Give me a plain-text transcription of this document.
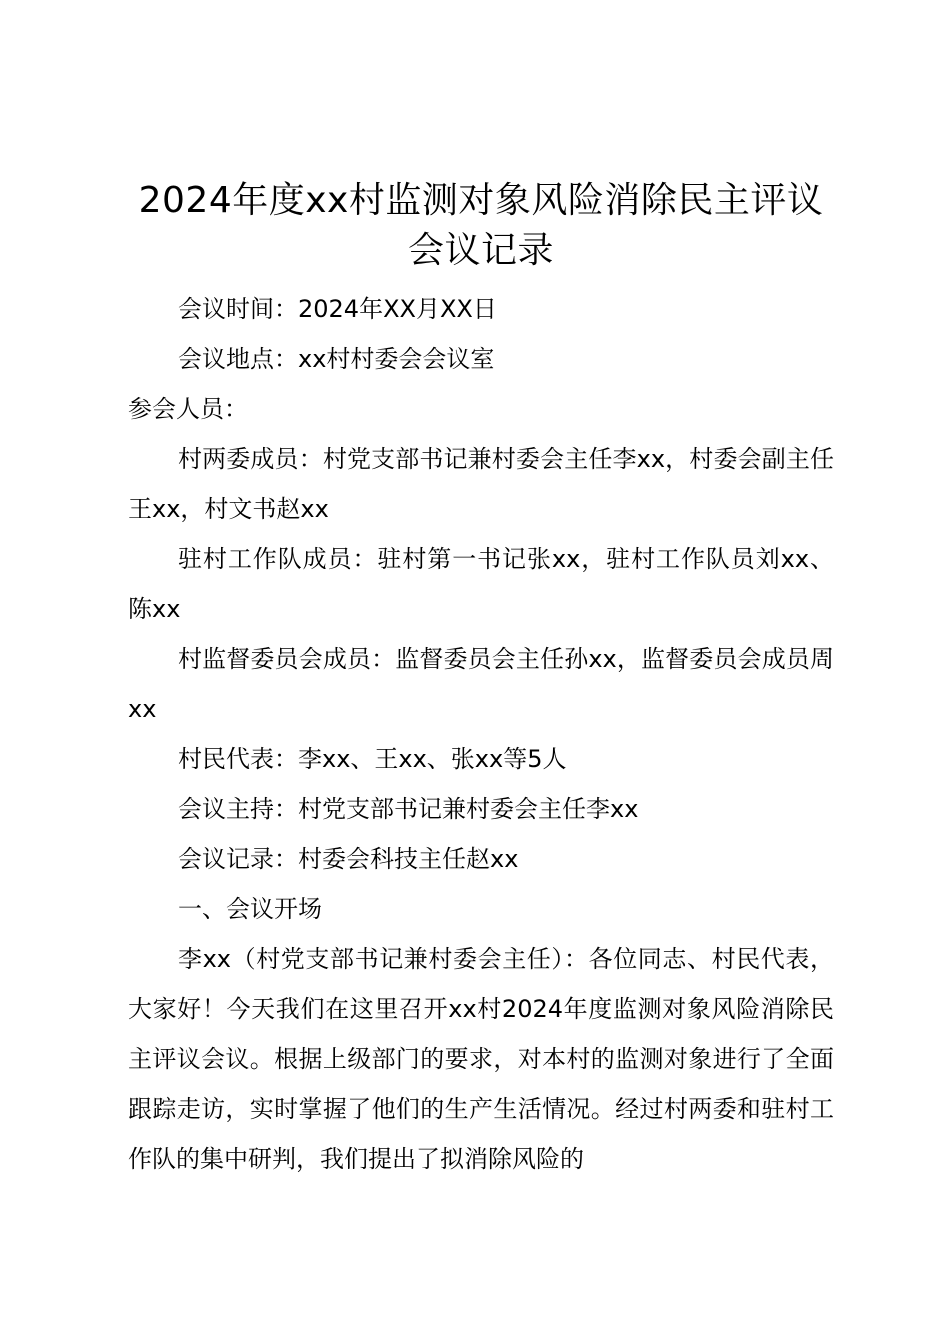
2024年度xx村监测对象风险消除民主评议
会议记录

会议时间：2024年XX月XX日

会议地点：xx村村委会会议室

参会人员：

村两委成员：村党支部书记兼村委会主任李xx，村委会副主任王xx，村文书赵xx

驻村工作队成员：驻村第一书记张xx，驻村工作队员刘xx、陈xx

村监督委员会成员：监督委员会主任孙xx，监督委员会成员周xx

村民代表：李xx、王xx、张xx等5人

会议主持：村党支部书记兼村委会主任李xx

会议记录：村委会科技主任赵xx

一、会议开场

李xx（村党支部书记兼村委会主任）：各位同志、村民代表，大家好！今天我们在这里召开xx村2024年度监测对象风险消除民主评议会议。根据上级部门的要求，对本村的监测对象进行了全面跟踪走访，实时掌握了他们的生产生活情况。经过村两委和驻村工作队的集中研判，我们提出了拟消除风险的
